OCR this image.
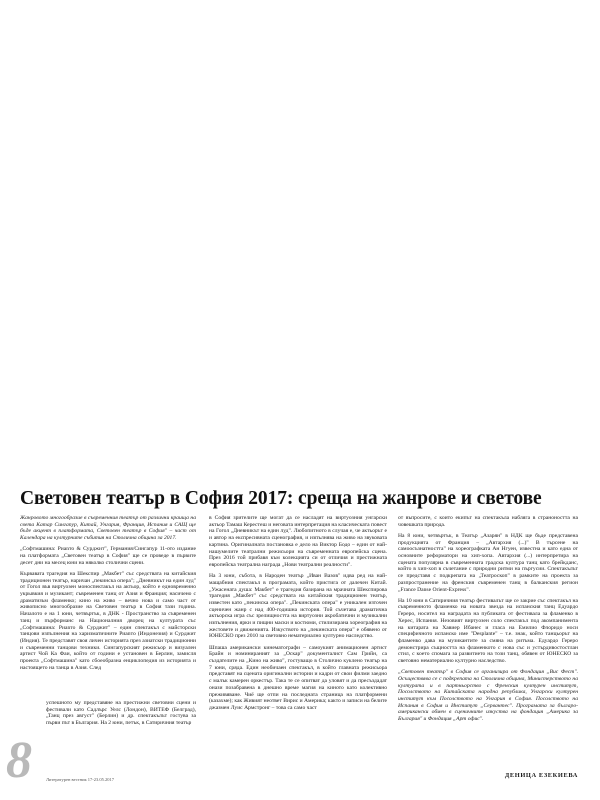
Световен театър в София 2017: среща на жанрове и светове

Жанровото многообразие в съвременния театър от различни краища на света Катар Сингапур, Китай, Унгария, Франция, Испания и САЩ ще бъде акцент в платформата, Световен театър в София" – част от Календара на културните събития на Столична община за 2017.

„Софтмашина: Риanто & Суpджит", Германия/Сингапур 11-ото издание на платформата „Световен театър в София" ще се проведе в първите десет дни на месец юни на няколко столични сцени.

Кървавата трагедия на Шекспир „Макбет" със средствата на китайския традиционен театър, наричан „пекинска опера"; „Дневникът на един луд" от Гогол във виртуозен моноспектакъл на актьор, който е едновременно укрывкия и музикант; съвременен танц от Азия и Франция; насичено с драматизъм фламенко; кино на живо – вечно нова и само част от живописно многообразие на Световен театър в София тази година. Началото е на 1 юни, четвъртък, в ДНК - Пространство за съвременен танц и пърформанс на Националния дворец на културата със „Софтмашина: Риanто & Суpджит" – един спектакъл с майсторски танцови изпълнения на харизматичните Риanто (Индонезия) и Суpджит (Индия). Те представят своя личен историята през азиатски традиционни и съвременни танцови техники. Сингапурският режисьор и визуален артист Чой Ка Фаи, който от години е установен в Берлин, замисля проекта „Софтмашина" като сбоеобразна енциклопедия из историята и настоящето на танца в Азия. След

успешното му представяне на престижни световни сцени и фестивали като Садлърс Уелс (Лондон), ВИТЕФ (Белград), „Танц през август" (Берлин) и др. спектакълът гостува за първи път в България. На 2 юни, петък, в Сатиричния театър
8	Литературен вестник 17-23.05.2017

в София зрителите ще могат да се насладят на виртуозния унгарски актьор Тамаш Керестеш и неговата интерпретация на класическата повест на Гогол „Дневникът на един луд". Любопитното в случая е, че актьорът е и автор на експресивната сценография, и изпълнява на живо на звуковата картина. Оригиналната постановка е дело на Виктор Бодо – един от най-нашумелите театрални режисьори на съвременната европейска сцена. През 2016 той прибавя към колекцията си от отличия и престижната европейска театрална награда „Нови театрални реалности".

На 3 юни, събота, в Народен театър „Иван Вазов" идва ред на най-мащабния спектакъл в програмата, който пристига от далечен Китай. „Ужасената душа: Макбет" е трагедия базирана на мрачната Шекспирова трагедия „Макбет" със средствата на китайския традиционен театър, известен като „пекинска опера". „Пекинската опера" е уникален източен сценичен жанр с над 400-годишна история. Той съчетава драматична актьорска игра със зрелищността на виртуозни акробатични и музикални изпълнения, ярки и пищни маски и костюми, стилизирана хореография на жестовете и движенията. Изкуството на „пекинската опера" е обявено от ЮНЕСКО през 2010 за световно нематериално културно наследство.

Шпаша американски кинематографи – самоукият анимационен артист Брайн и номинираният за „Оскар" документалист Сам Грийн, са създателите на „Кино на живо", гостуващо в Столично кукленo театър на 7 юни, сряда. Един необичаен спектакъл, в който главната режисьора представят на сцената оригинални истории и кадри от свои филми заедно с малък камерен оркестър. Така те се опитват да уловят и да пресъздадат онази позабравена в днешно време магия на киното като колективно преживяване. Чиё ще отпи на последната страница на платформени (казахме); как Живият неответ Вирис и Америка; както и записи на белите джазмен Луис Армстронг – това са само част

от въпросите, с които екипът на спектакъла набляга в страноността на човешката природа.

На 8 юни, четвъртък, в Театър „Азарян" в НДК ще бъде представена продукцията от Франция – „Автархия (...)" В търсене на самоосъзнатността" на хореографката Ан Нгуен, известна и като една от основните реформатори на хип-хопа. Автархия (...) интерпретира на сцената популярна в съвременната градска култура танц като брейкданс, който в хип-хоп в съчетание с природни ритми на пъргусии. Спектакълът се представя с подкрепата на „Театроскоп" в рамките на проекта за разпространение на френския съвременен танц в балканския регион „France Danse Orient-Express".

На 10 юни в Сатиричния театър фестивалът ще се закрие със спектакъл на съвременното фламенко на новата звезда на испанския танц Едуардо Гереро, носител на наградата на публиката от фестивала за фламенко в Херес, Испания. Незовият виртуозен соло спектакъл под акомпанимента на китарата на Хавиер Ибанес и гласа на Емилио Флоридо носи специфичното испанско име "Desplante" – т.е. знак, който танцьорът на фламенко дава на музикантите за смяна на ритъма. Едуардо Гереро демонстрира същността на фламенкото с нова със и устърдивостостлан стил, с което спомага за развитието на този танц, обявен от ЮНЕСКО за световно нематериално културно наследство.

„Световен театър" в София се организира от Фондация „Вис Фест". Осъществява се с подкрепата на Столична община, Министерството на културата и в партньорство с Френския културен институт, Посолството на Китайската народна република, Унгарски културен институт към Посолството на Унгария в София. Посолството на Испания в София и Институт „Сервантес". Програмата за българо-американски обмен в сценичните изкуства на фондация „Америка за България" и Фондация „Арт офис".

ДЕНИЦА ЕЗЕКИЕВА
